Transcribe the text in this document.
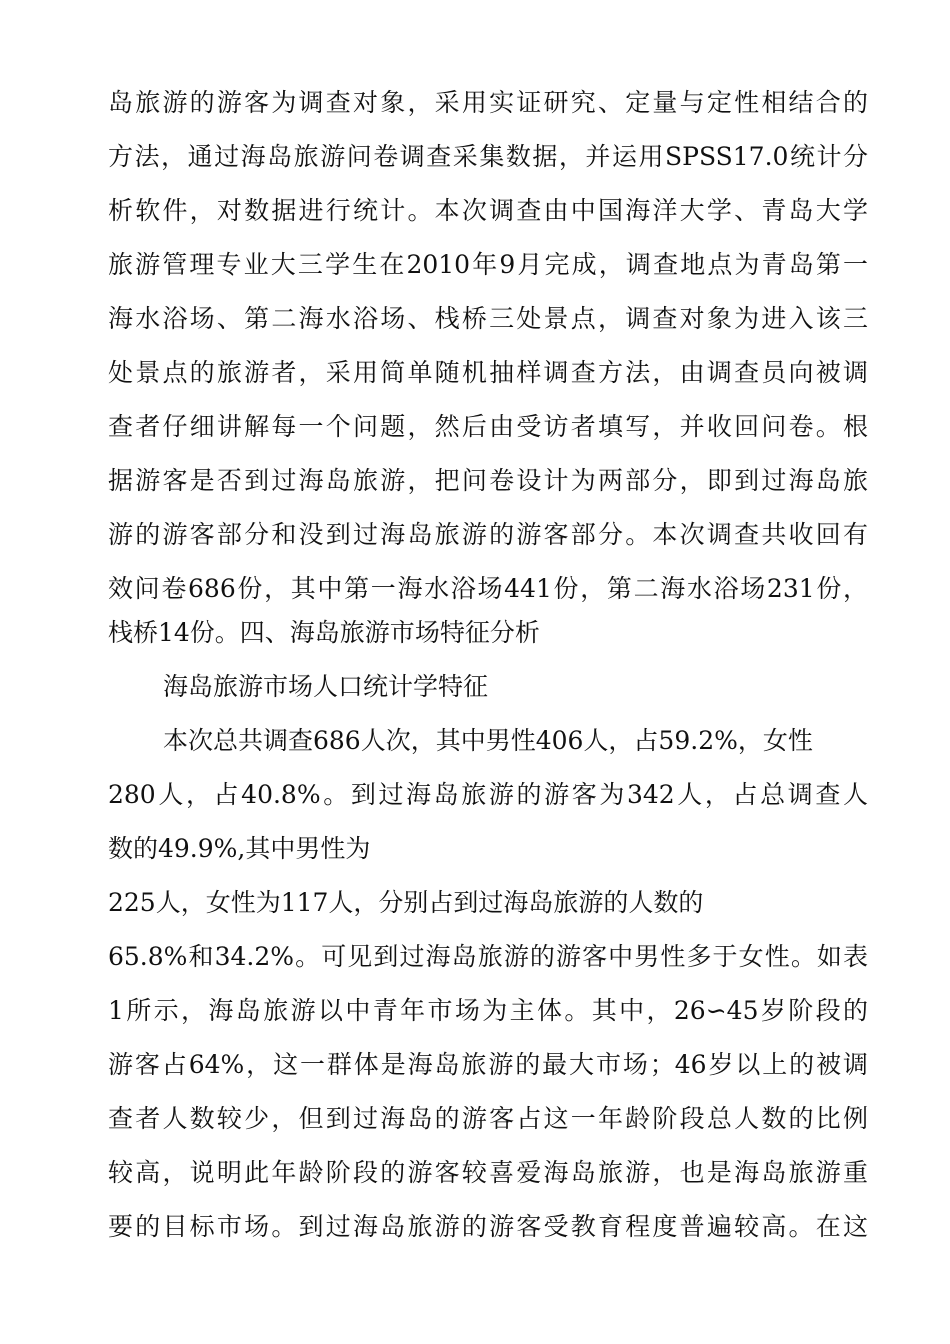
岛旅游的游客为调查对象，采用实证研究、定量与定性相结合的
方法，通过海岛旅游问卷调查采集数据，并运用SPSS17.0统计分
析软件，对数据进行统计。本次调查由中国海洋大学、青岛大学
旅游管理专业大三学生在2010年9月完成，调查地点为青岛第一
海水浴场、第二海水浴场、栈桥三处景点，调查对象为进入该三
处景点的旅游者，采用简单随机抽样调查方法，由调查员向被调
查者仔细讲解每一个问题，然后由受访者填写，并收回问卷。根
据游客是否到过海岛旅游，把问卷设计为两部分，即到过海岛旅
游的游客部分和没到过海岛旅游的游客部分。本次调查共收回有
效问卷686份，其中第一海水浴场441份，第二海水浴场231份，
栈桥14份。四、海岛旅游市场特征分析
海岛旅游市场人口统计学特征
本次总共调查686人次，其中男性406人，占59.2%，女性
280人，占40.8%。到过海岛旅游的游客为342人，占总调查人
数的49.9%,其中男性为
225人，女性为117人，分别占到过海岛旅游的人数的
65.8%和34.2%。可见到过海岛旅游的游客中男性多于女性。如表
1所示，海岛旅游以中青年市场为主体。其中，26∽45岁阶段的
游客占64%，这一群体是海岛旅游的最大市场；46岁以上的被调
查者人数较少，但到过海岛的游客占这一年龄阶段总人数的比例
较高，说明此年龄阶段的游客较喜爱海岛旅游，也是海岛旅游重
要的目标市场。到过海岛旅游的游客受教育程度普遍较高。在这
